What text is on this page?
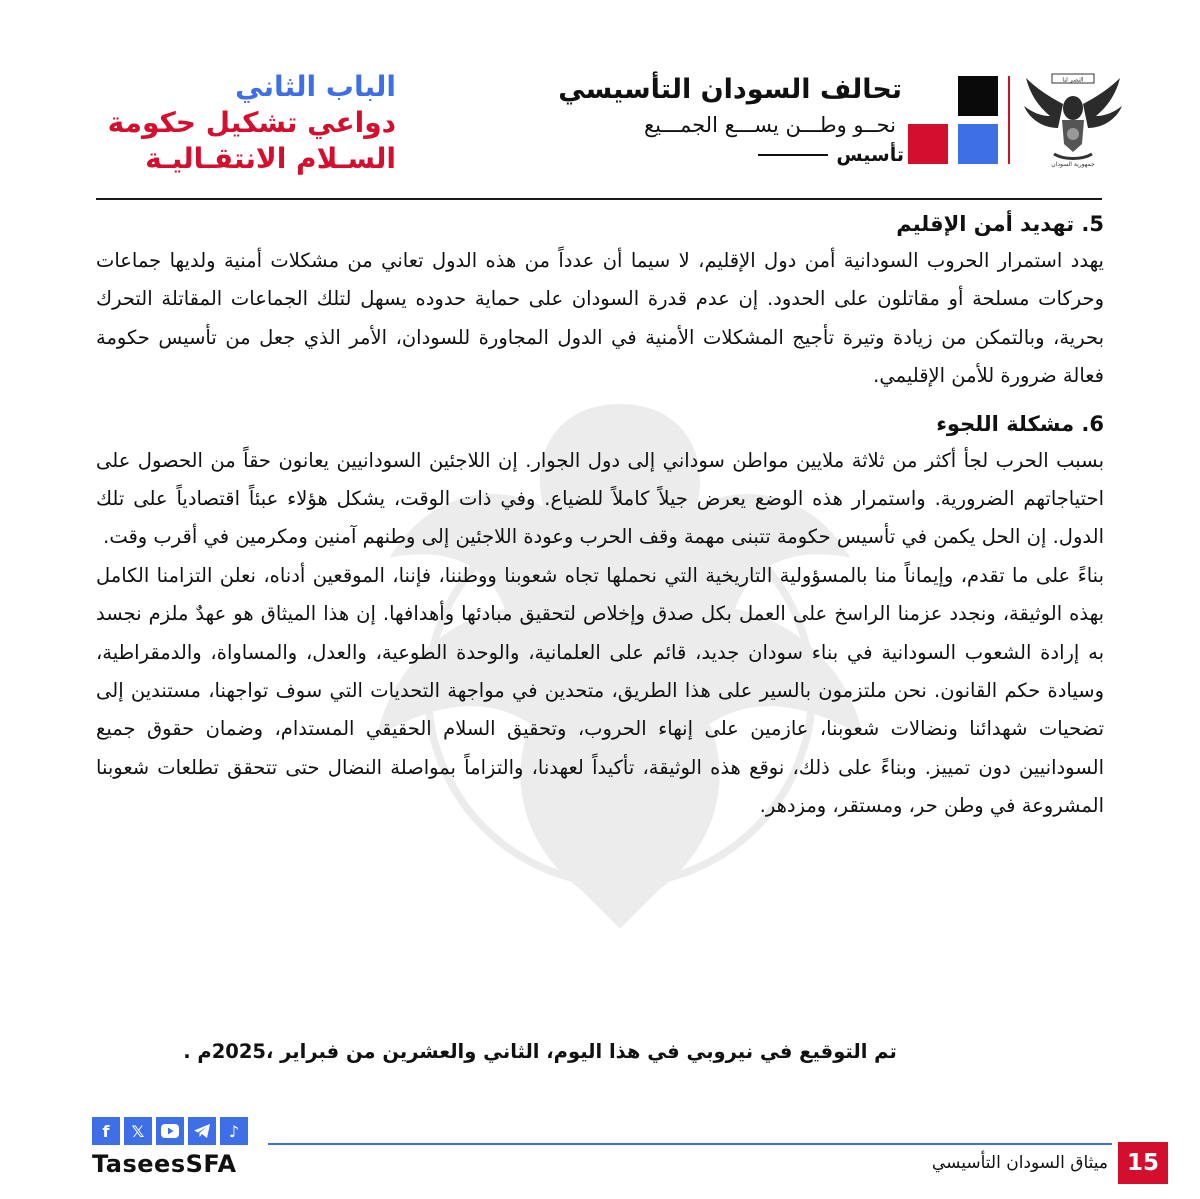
النصر لنا
جمهورية السودان
تحالف السودان التأسيسي
نحــو وطـــن يســـع الجمـــيع
تأسيس
الباب الثاني
دواعي تشكيل حكومة
السـلام الانتقـاليـة
5. تهديد أمن الإقليم

يهدد استمرار الحروب السودانية أمن دول الإقليم، لا سيما أن عدداً من هذه الدول تعاني من مشكلات أمنية ولديها جماعات وحركات مسلحة أو مقاتلون على الحدود. إن عدم قدرة السودان على حماية حدوده يسهل لتلك الجماعات المقاتلة التحرك بحرية، وبالتمكن من زيادة وتيرة تأجيج المشكلات الأمنية في الدول المجاورة للسودان، الأمر الذي جعل من تأسيس حكومة فعالة ضرورة للأمن الإقليمي.

6. مشكلة اللجوء

بسبب الحرب لجأ أكثر من ثلاثة ملايين مواطن سوداني إلى دول الجوار. إن اللاجئين السودانيين يعانون حقاً من الحصول على احتياجاتهم الضرورية. واستمرار هذه الوضع يعرض جيلاً كاملاً للضياع. وفي ذات الوقت، يشكل هؤلاء عبئاً اقتصادياً على تلك الدول. إن الحل يكمن في تأسيس حكومة تتبنى مهمة وقف الحرب وعودة اللاجئين إلى وطنهم آمنين ومكرمين في أقرب وقت.

بناءً على ما تقدم، وإيماناً منا بالمسؤولية التاريخية التي نحملها تجاه شعوبنا ووطننا، فإننا، الموقعين أدناه، نعلن التزامنا الكامل بهذه الوثيقة، ونجدد عزمنا الراسخ على العمل بكل صدق وإخلاص لتحقيق مبادئها وأهدافها. إن هذا الميثاق هو عهدٌ ملزم نجسد به إرادة الشعوب السودانية في بناء سودان جديد، قائم على العلمانية، والوحدة الطوعية، والعدل، والمساواة، والدمقراطية، وسيادة حكم القانون. نحن ملتزمون بالسير على هذا الطريق، متحدين في مواجهة التحديات التي سوف تواجهنا، مستندين إلى تضحيات شهدائنا ونضالات شعوبنا، عازمين على إنهاء الحروب، وتحقيق السلام الحقيقي المستدام، وضمان حقوق جميع السودانيين دون تمييز. وبناءً على ذلك، نوقع هذه الوثيقة، تأكيداً لعهدنا، والتزاماً بمواصلة النضال حتى تتحقق تطلعات شعوبنا المشروعة في وطن حر، ومستقر، ومزدهر.

تم التوقيع في نيروبي في هذا اليوم، الثاني والعشرين من فبراير ،2025م .
f	𝕏	♪
TaseesSFA	ميثاق السودان التأسيسي 15
